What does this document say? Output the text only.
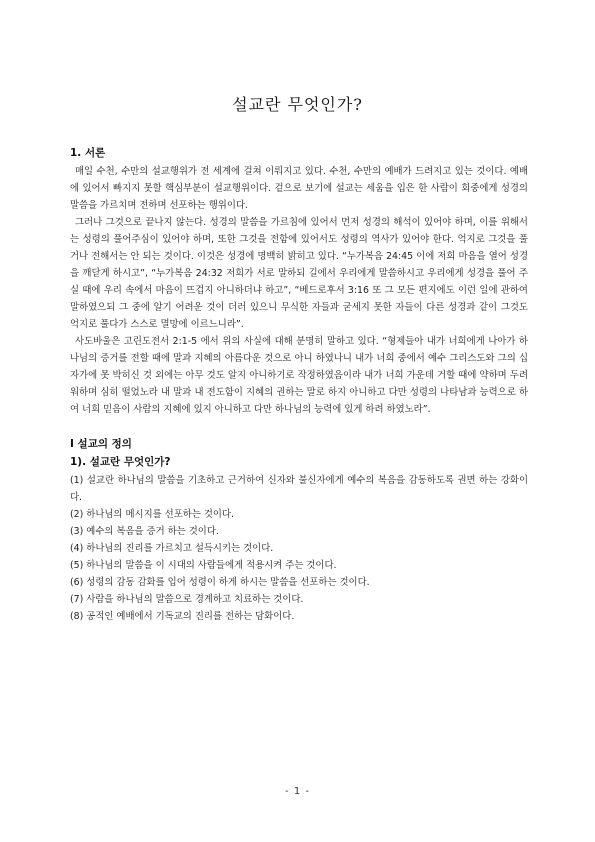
설교란 무엇인가?
1. 서론

매일 수천, 수만의 설교행위가 전 세계에 걸쳐 이뤄지고 있다. 수천, 수만의 예배가 드려지고 있는 것이다. 예배에 있어서 빠지지 못할 핵심부분이 설교행위이다. 겉으로 보기에 설교는 세움을 입은 한 사람이 회중에게 성경의 말씀을 가르치며 전하며 선포하는 행위이다.

그러나 그것으로 끝나지 않는다. 성경의 말씀을 가르침에 있어서 먼저 성경의 해석이 있어야 하며, 이를 위해서는 성령의 풀어주심이 있어야 하며, 또한 그것을 전함에 있어서도 성령의 역사가 있어야 한다. 억지로 그것을 풀거나 전해서는 안 되는 것이다. 이것은 성경에 명백히 밝히고 있다. “누가복음 24:45 이에 저희 마음을 열어 성경을 깨닫게 하시고”, “누가복음 24:32 저희가 서로 말하되 길에서 우리에게 말씀하시고 우리에게 성경을 풀어 주실 때에 우리 속에서 마음이 뜨겁지 아니하더냐 하고”, “베드로후서 3:16 또 그 모든 편지에도 이런 일에 관하여 말하였으되 그 중에 알기 어려운 것이 더러 있으니 무식한 자들과 굳세지 못한 자들이 다른 성경과 같이 그것도 억지로 풀다가 스스로 멸망에 이르느니라”.

사도바울은 고린도전서 2:1-5 에서 위의 사실에 대해 분명히 말하고 있다. “형제들아 내가 너희에게 나아가 하나님의 증거를 전할 때에 말과 지혜의 아름다운 것으로 아니 하였나니 내가 너희 중에서 예수 그리스도와 그의 십자가에 못 박히신 것 외에는 아무 것도 알지 아니하기로 작정하였음이라 내가 너희 가운데 거할 때에 약하며 두려워하며 심히 떨었노라 내 말과 내 전도함이 지혜의 권하는 말로 하지 아니하고 다만 성령의 나타남과 능력으로 하여 너희 믿음이 사람의 지혜에 있지 아니하고 다만 하나님의 능력에 있게 하려 하였노라”.

Ⅰ 설교의 정의
1). 설교란 무엇인가?
(1) 설교란 하나님의 말씀을 기초하고 근거하여 신자와 불신자에게 예수의 복음을 감동하도록 권면 하는 강화이다.
(2) 하나님의 메시지를 선포하는 것이다.
(3) 예수의 복음을 증거 하는 것이다.
(4) 하나님의 진리를 가르치고 설득시키는 것이다.
(5) 하나님의 말씀을 이 시대의 사람들에게 적용시켜 주는 것이다.
(6) 성령의 감동 감화를 입어 성령이 하게 하시는 말씀을 선포하는 것이다.
(7) 사람을 하나님의 말씀으로 경계하고 치료하는 것이다.
(8) 공적인 예배에서 기독교의 진리를 전하는 담화이다.
- 1 -
